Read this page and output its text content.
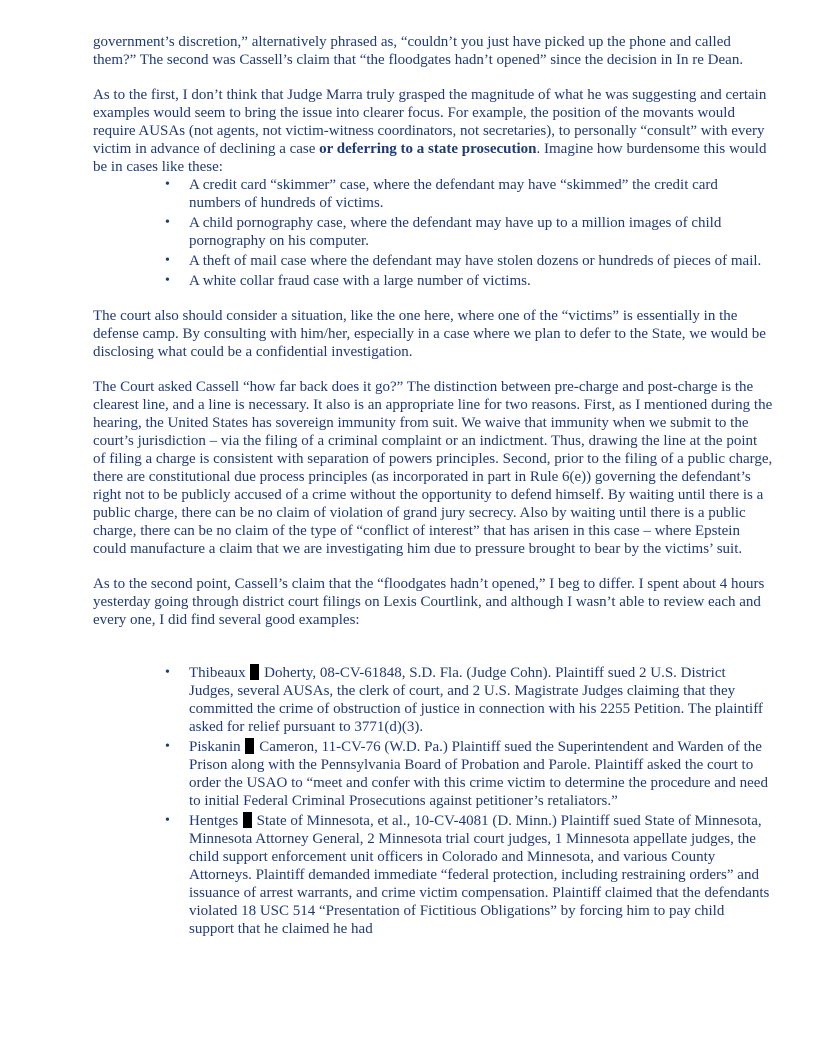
government’s discretion,” alternatively phrased as, “couldn’t you just have picked up the phone and called them?” The second was Cassell’s claim that “the floodgates hadn’t opened” since the decision in In re Dean.

As to the first, I don’t think that Judge Marra truly grasped the magnitude of what he was suggesting and certain examples would seem to bring the issue into clearer focus. For example, the position of the movants would require AUSAs (not agents, not victim-witness coordinators, not secretaries), to personally “consult” with every victim in advance of declining a case or deferring to a state prosecution. Imagine how burdensome this would be in cases like these:

• A credit card “skimmer” case, where the defendant may have “skimmed” the credit card numbers of hundreds of victims.
• A child pornography case, where the defendant may have up to a million images of child pornography on his computer.
• A theft of mail case where the defendant may have stolen dozens or hundreds of pieces of mail.
• A white collar fraud case with a large number of victims.

The court also should consider a situation, like the one here, where one of the “victims” is essentially in the defense camp. By consulting with him/her, especially in a case where we plan to defer to the State, we would be disclosing what could be a confidential investigation.

The Court asked Cassell “how far back does it go?” The distinction between pre-charge and post-charge is the clearest line, and a line is necessary. It also is an appropriate line for two reasons. First, as I mentioned during the hearing, the United States has sovereign immunity from suit. We waive that immunity when we submit to the court’s jurisdiction – via the filing of a criminal complaint or an indictment. Thus, drawing the line at the point of filing a charge is consistent with separation of powers principles. Second, prior to the filing of a public charge, there are constitutional due process principles (as incorporated in part in Rule 6(e)) governing the defendant’s right not to be publicly accused of a crime without the opportunity to defend himself. By waiting until there is a public charge, there can be no claim of violation of grand jury secrecy. Also by waiting until there is a public charge, there can be no claim of the type of “conflict of interest” that has arisen in this case – where Epstein could manufacture a claim that we are investigating him due to pressure brought to bear by the victims’ suit.

As to the second point, Cassell’s claim that the “floodgates hadn’t opened,” I beg to differ. I spent about 4 hours yesterday going through district court filings on Lexis Courtlink, and although I wasn’t able to review each and every one, I did find several good examples:

• Thibeaux  Doherty, 08-CV-61848, S.D. Fla. (Judge Cohn). Plaintiff sued 2 U.S. District Judges, several AUSAs, the clerk of court, and 2 U.S. Magistrate Judges claiming that they committed the crime of obstruction of justice in connection with his 2255 Petition. The plaintiff asked for relief pursuant to 3771(d)(3).
• Piskanin  Cameron, 11-CV-76 (W.D. Pa.) Plaintiff sued the Superintendent and Warden of the Prison along with the Pennsylvania Board of Probation and Parole. Plaintiff asked the court to order the USAO to “meet and confer with this crime victim to determine the procedure and need to initial Federal Criminal Prosecutions against petitioner’s retaliators.”
• Hentges  State of Minnesota, et al., 10-CV-4081 (D. Minn.) Plaintiff sued State of Minnesota, Minnesota Attorney General, 2 Minnesota trial court judges, 1 Minnesota appellate judges, the child support enforcement unit officers in Colorado and Minnesota, and various County Attorneys. Plaintiff demanded immediate “federal protection, including restraining orders” and issuance of arrest warrants, and crime victim compensation. Plaintiff claimed that the defendants violated 18 USC 514 “Presentation of Fictitious Obligations” by forcing him to pay child support that he claimed he had
